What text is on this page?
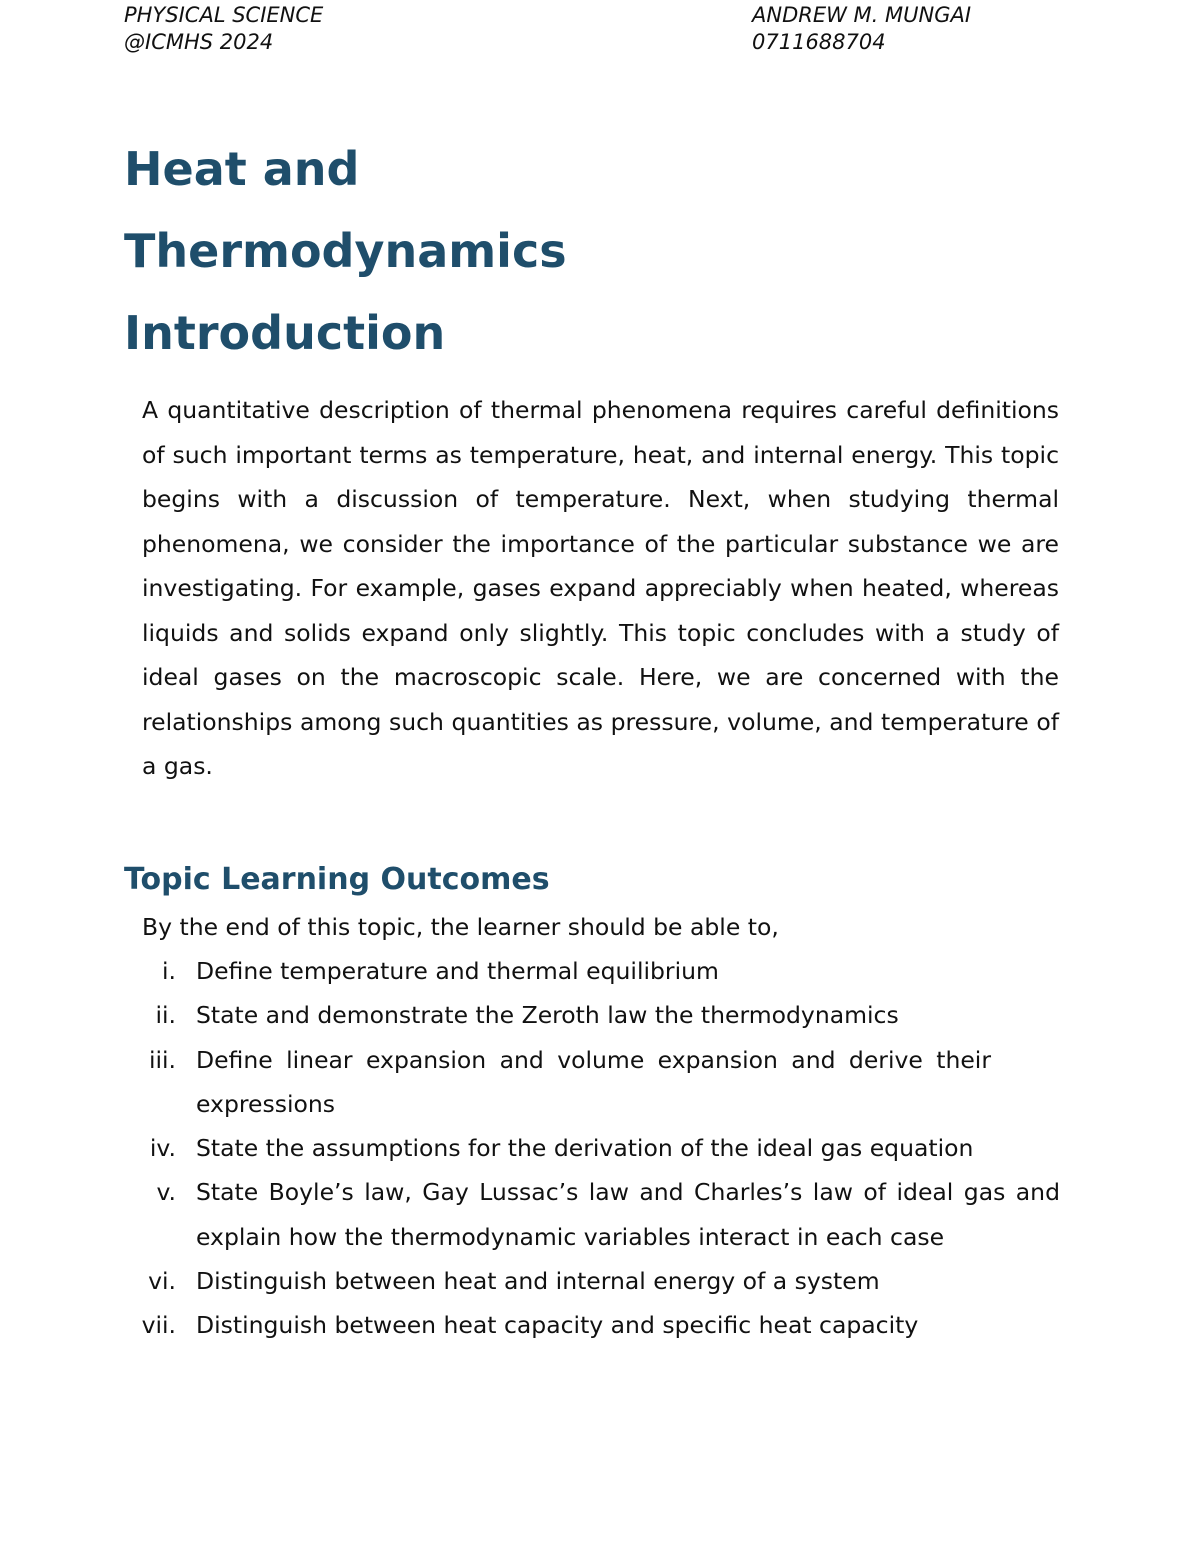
PHYSICAL SCIENCE
@ICMHS 2024
ANDREW M. MUNGAI
0711688704
Heat and
Thermodynamics
Introduction

A quantitative description of thermal phenomena requires careful definitions of such important terms as temperature, heat, and internal energy. This topic begins with a discussion of temperature. Next, when studying thermal phenomena, we consider the importance of the particular substance we are investigating. For example, gases expand appreciably when heated, whereas liquids and solids expand only slightly. This topic concludes with a study of ideal gases on the macroscopic scale. Here, we are concerned with the relationships among such quantities as pressure, volume, and temperature of a gas.

Topic Learning Outcomes

By the end of this topic, the learner should be able to,

i. Define temperature and thermal equilibrium
ii. State and demonstrate the Zeroth law the thermodynamics
iii. Define linear expansion and volume expansion and derive their expressions
iv. State the assumptions for the derivation of the ideal gas equation
v. State Boyle’s law, Gay Lussac’s law and Charles’s law of ideal gas and explain how the thermodynamic variables interact in each case
vi. Distinguish between heat and internal energy of a system
vii. Distinguish between heat capacity and specific heat capacity
